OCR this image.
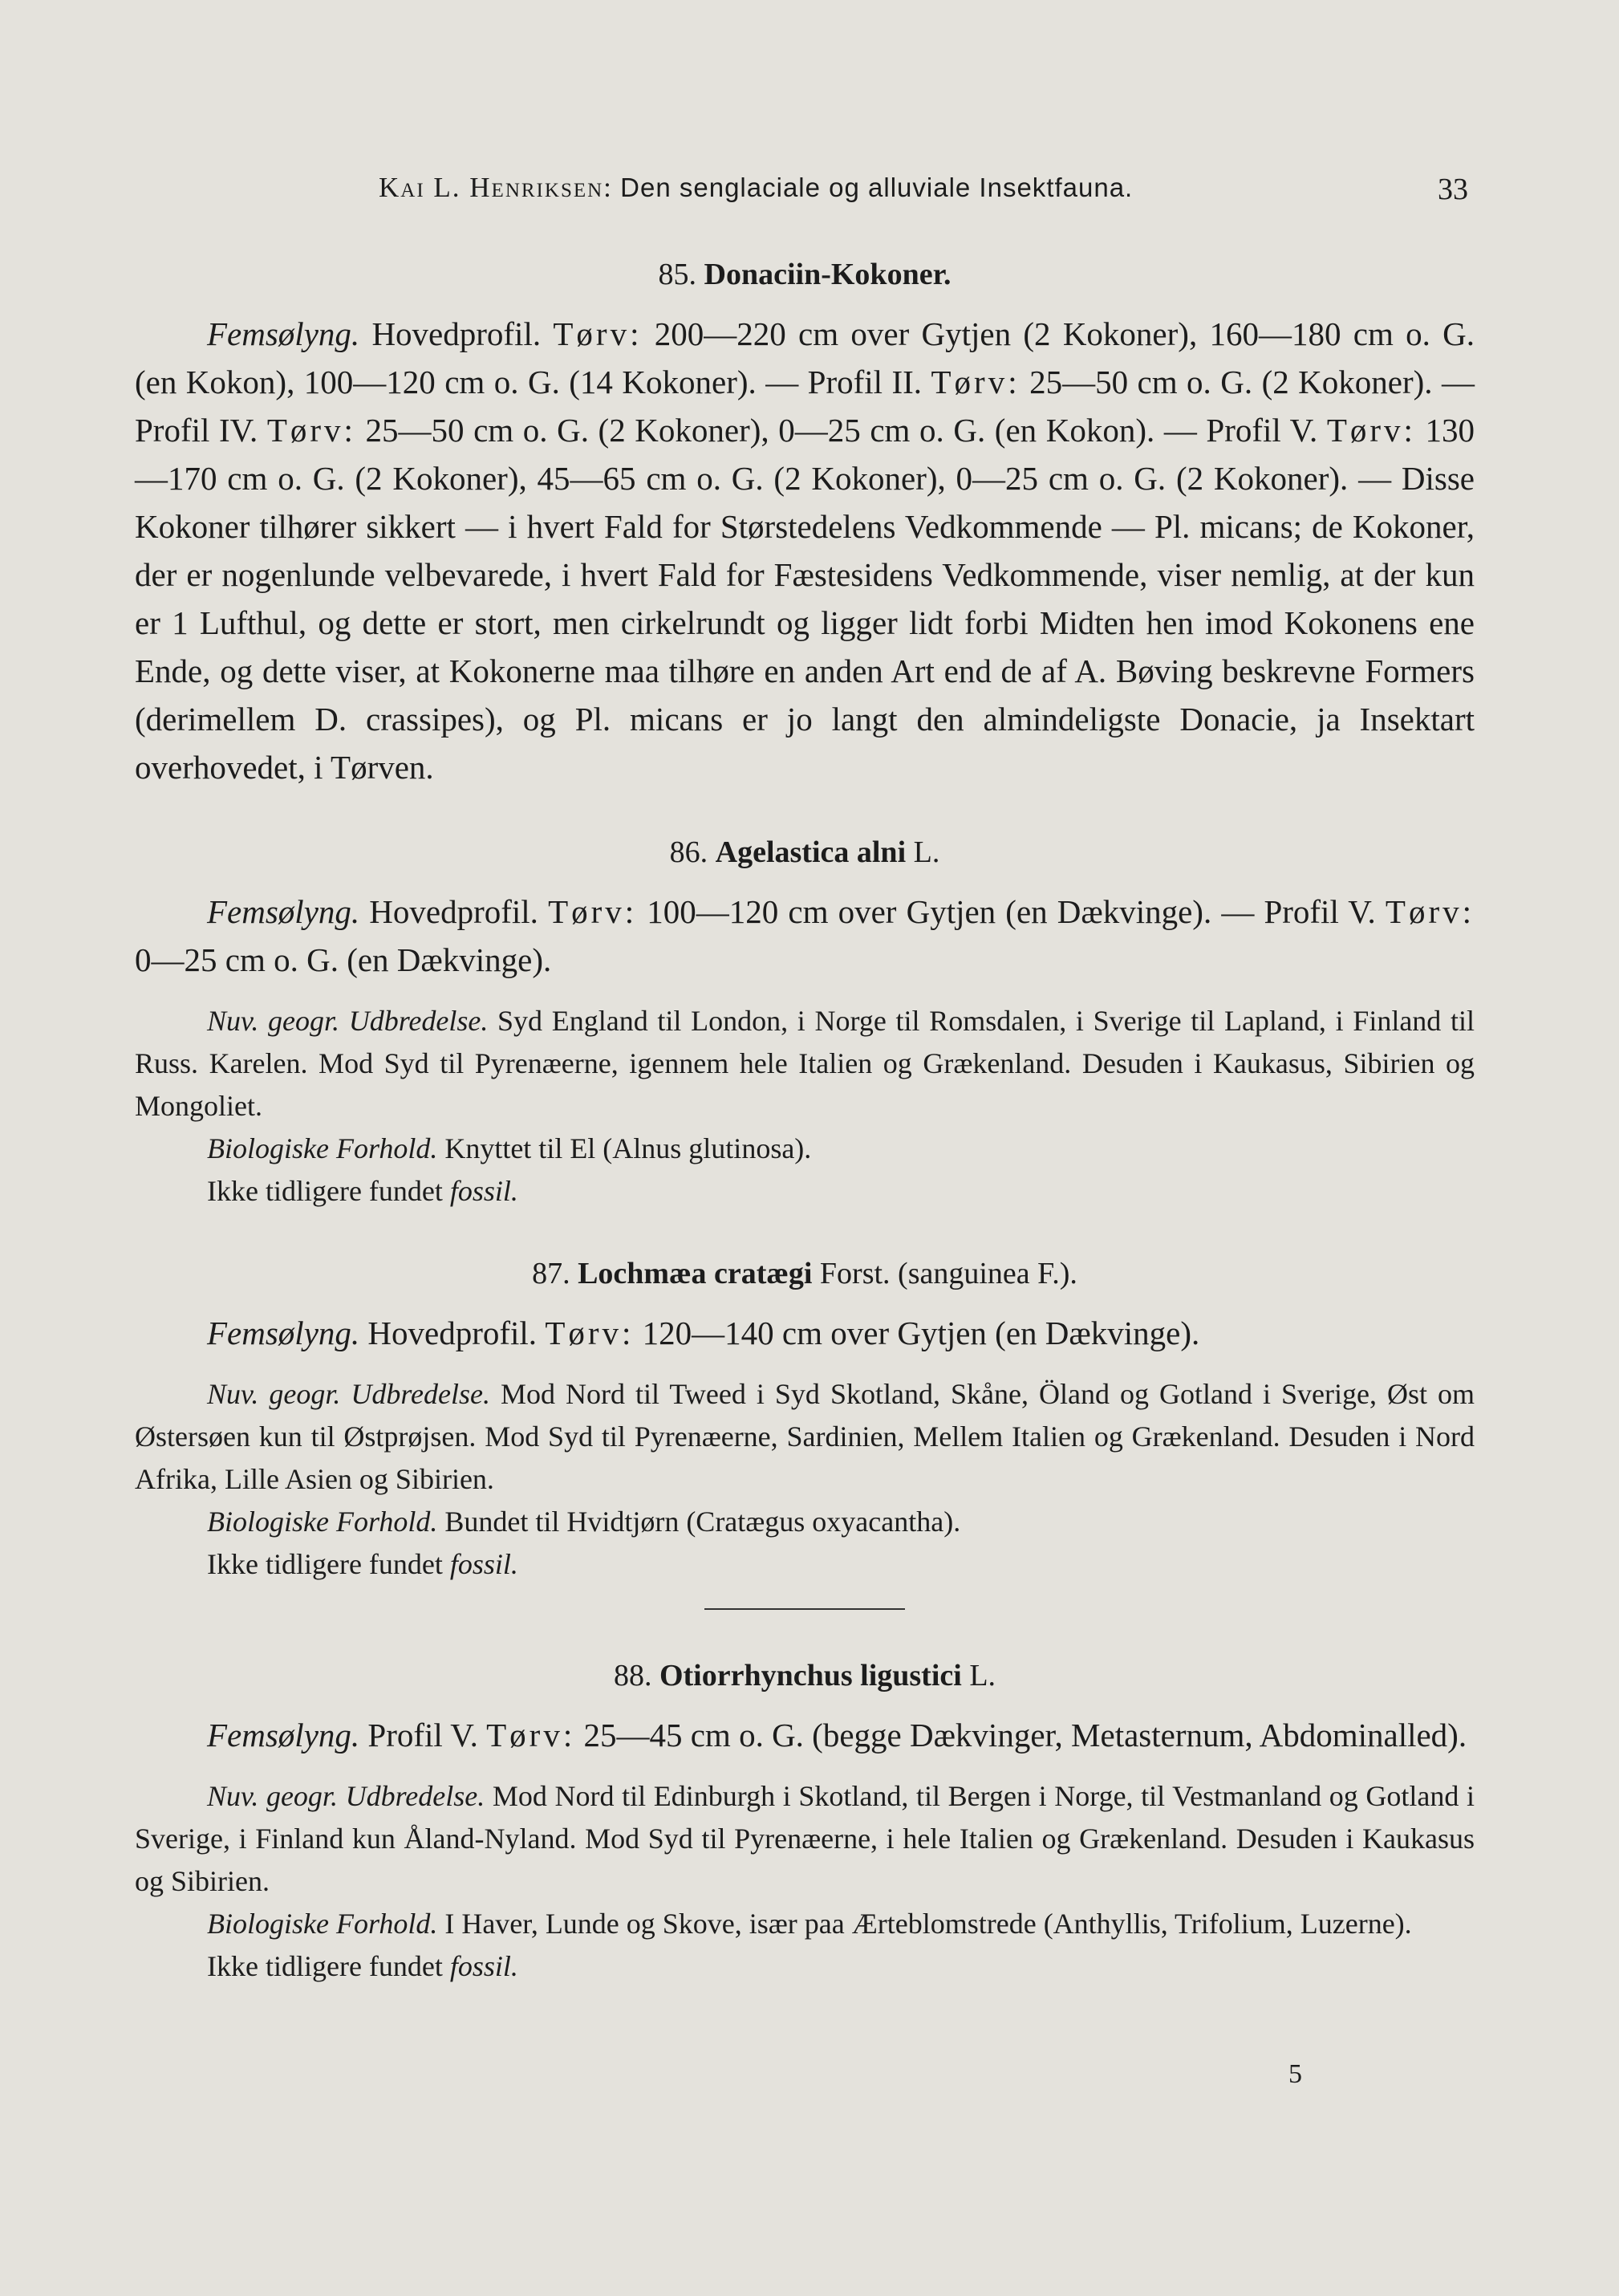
Kai L. Henriksen: Den senglaciale og alluviale Insektfauna.	33
85. Donaciin-Kokoner.

Femsølyng. Hovedprofil. Tørv: 200—220 cm over Gytjen (2 Kokoner), 160—180 cm o. G. (en Kokon), 100—120 cm o. G. (14 Kokoner). — Profil II. Tørv: 25—50 cm o. G. (2 Kokoner). — Profil IV. Tørv: 25—50 cm o. G. (2 Kokoner), 0—25 cm o. G. (en Kokon). — Profil V. Tørv: 130—170 cm o. G. (2 Kokoner), 45—65 cm o. G. (2 Kokoner), 0—25 cm o. G. (2 Kokoner). — Disse Kokoner tilhører sikkert — i hvert Fald for Størstedelens Vedkommende — Pl. micans; de Kokoner, der er nogenlunde velbevarede, i hvert Fald for Fæstesidens Vedkommende, viser nemlig, at der kun er 1 Lufthul, og dette er stort, men cirkelrundt og ligger lidt forbi Midten hen imod Kokonens ene Ende, og dette viser, at Kokonerne maa tilhøre en anden Art end de af A. Bøving beskrevne Formers (derimellem D. crassipes), og Pl. micans er jo langt den almindeligste Donacie, ja Insektart overhovedet, i Tørven.

86. Agelastica alni L.

Femsølyng. Hovedprofil. Tørv: 100—120 cm over Gytjen (en Dækvinge). — Profil V. Tørv: 0—25 cm o. G. (en Dækvinge).

Nuv. geogr. Udbredelse. Syd England til London, i Norge til Romsdalen, i Sverige til Lapland, i Finland til Russ. Karelen. Mod Syd til Pyrenæerne, igennem hele Italien og Grækenland. Desuden i Kaukasus, Sibirien og Mongoliet.

Biologiske Forhold. Knyttet til El (Alnus glutinosa).

Ikke tidligere fundet fossil.

87. Lochmæa cratægi Forst. (sanguinea F.).

Femsølyng. Hovedprofil. Tørv: 120—140 cm over Gytjen (en Dækvinge).

Nuv. geogr. Udbredelse. Mod Nord til Tweed i Syd Skotland, Skåne, Öland og Gotland i Sverige, Øst om Østersøen kun til Østprøjsen. Mod Syd til Pyrenæerne, Sardinien, Mellem Italien og Grækenland. Desuden i Nord Afrika, Lille Asien og Sibirien.

Biologiske Forhold. Bundet til Hvidtjørn (Cratægus oxyacantha).

Ikke tidligere fundet fossil.

88. Otiorrhynchus ligustici L.

Femsølyng. Profil V. Tørv: 25—45 cm o. G. (begge Dækvinger, Metasternum, Abdominalled).

Nuv. geogr. Udbredelse. Mod Nord til Edinburgh i Skotland, til Bergen i Norge, til Vestmanland og Gotland i Sverige, i Finland kun Åland-Nyland. Mod Syd til Pyrenæerne, i hele Italien og Grækenland. Desuden i Kaukasus og Sibirien.

Biologiske Forhold. I Haver, Lunde og Skove, især paa Ærteblomstrede (Anthyllis, Trifolium, Luzerne).

Ikke tidligere fundet fossil.

5
